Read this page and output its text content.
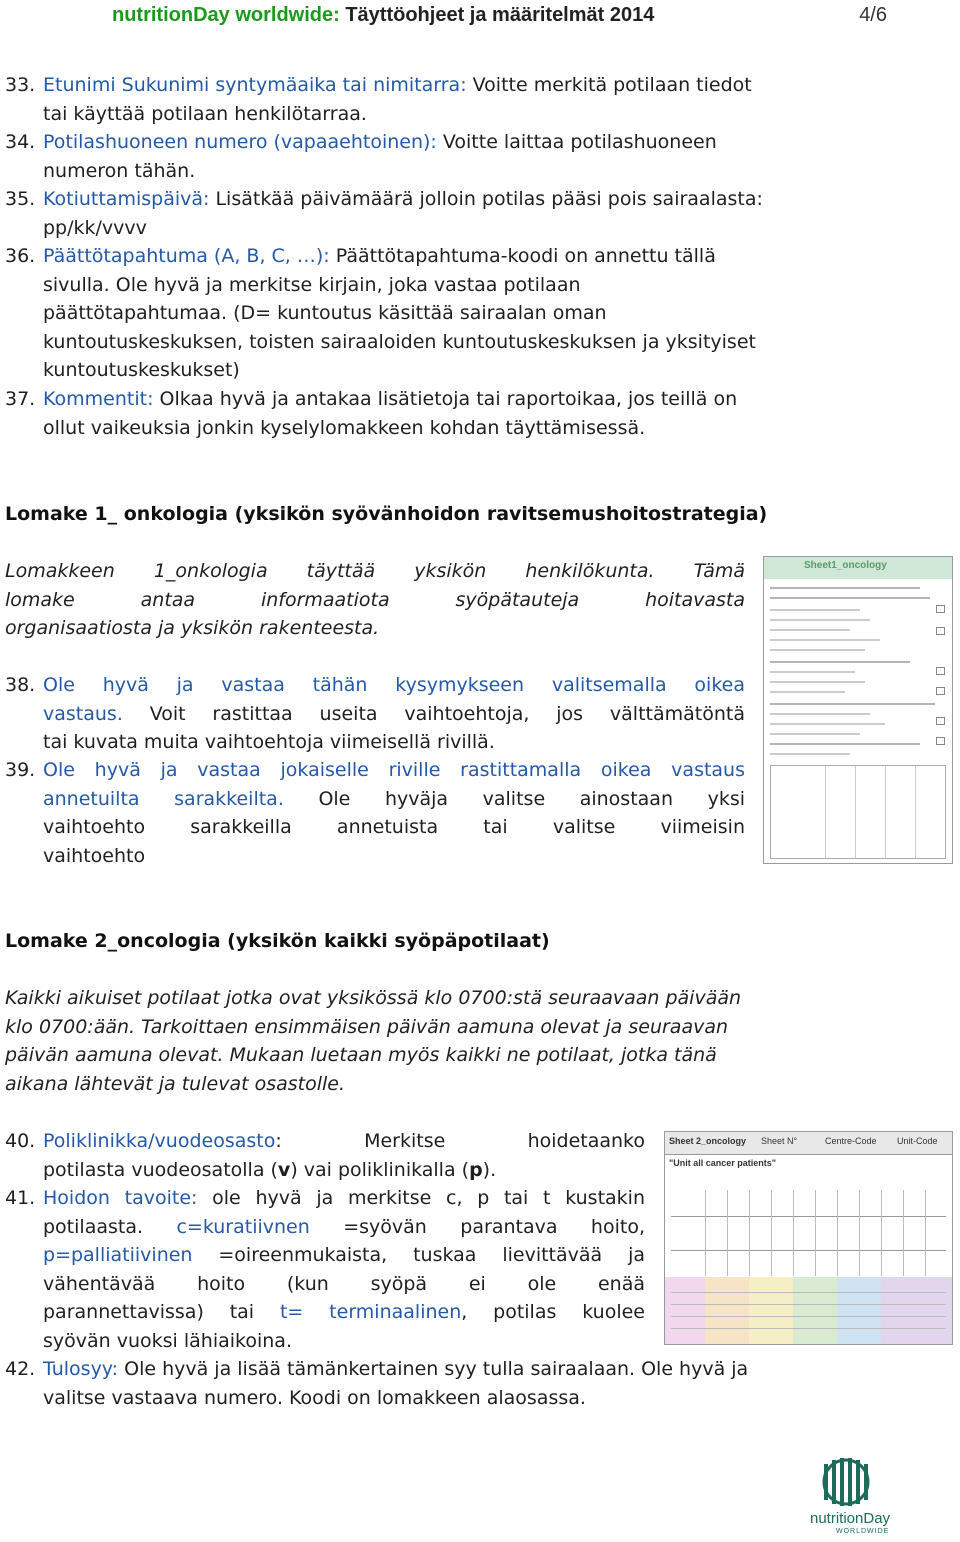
nutritionDay worldwide: Täyttöohjeet ja määritelmät 2014	4/6
33. Etunimi Sukunimi syntymäaika tai nimitarra: Voitte merkitä potilaan tiedot
tai käyttää potilaan henkilötarraa.
34. Potilashuoneen numero (vapaaehtoinen): Voitte laittaa potilashuoneen
numeron tähän.
35. Kotiuttamispäivä: Lisätkää päivämäärä jolloin potilas pääsi pois sairaalasta:
pp/kk/vvvv
36. Päättötapahtuma (A, B, C, …): Päättötapahtuma-koodi on annettu tällä
sivulla. Ole hyvä ja merkitse kirjain, joka vastaa potilaan
päättötapahtumaa. (D= kuntoutus käsittää sairaalan oman
kuntoutuskeskuksen, toisten sairaaloiden kuntoutuskeskuksen ja yksityiset
kuntoutuskeskukset)
37. Kommentit: Olkaa hyvä ja antakaa lisätietoja tai raportoikaa, jos teillä on
ollut vaikeuksia jonkin kyselylomakkeen kohdan täyttämisessä.
Lomake 1_ onkologia (yksikön syövänhoidon ravitsemushoitostrategia)
Lomakkeen 1_onkologia täyttää yksikön henkilökunta. Tämä
lomake antaa informaatiota syöpätauteja hoitavasta
organisaatiosta ja yksikön rakenteesta.
38. Ole hyvä ja vastaa tähän kysymykseen valitsemalla oikea
vastaus. Voit rastittaa useita vaihtoehtoja, jos välttämätöntä
tai kuvata muita vaihtoehtoja viimeisellä rivillä.
39. Ole hyvä ja vastaa jokaiselle riville rastittamalla oikea vastaus
annetuilta sarakkeilta. Ole hyväja valitse ainostaan yksi
vaihtoehto sarakkeilla annetuista tai valitse viimeisin
vaihtoehto
Sheet1_oncology
Lomake 2_oncologia (yksikön kaikki syöpäpotilaat)
Kaikki aikuiset potilaat jotka ovat yksikössä klo 0700:stä seuraavaan päivään
klo 0700:ään. Tarkoittaen ensimmäisen päivän aamuna olevat ja seuraavan
päivän aamuna olevat. Mukaan luetaan myös kaikki ne potilaat, jotka tänä
aikana lähtevät ja tulevat osastolle.
40. Poliklinikka/vuodeosasto: Merkitse hoidetaanko
potilasta vuodeosatolla (v) vai poliklinikalla (p).
41. Hoidon tavoite: ole hyvä ja merkitse c, p tai t kustakin
potilaasta. c=kuratiivnen =syövän parantava hoito,
p=palliatiivinen =oireenmukaista, tuskaa lievittävää ja
vähentävää hoito (kun syöpä ei ole enää
parannettavissa) tai t= terminaalinen, potilas kuolee
syövän vuoksi lähiaikoina.
42. Tulosyy: Ole hyvä ja lisää tämänkertainen syy tulla sairaalaan. Ole hyvä ja
valitse vastaava numero. Koodi on lomakkeen alaosassa.
Sheet 2_oncology Sheet N°	Centre-Code Unit-Code
"Unit all cancer patients"
nutritionDay
WORLDWIDE
